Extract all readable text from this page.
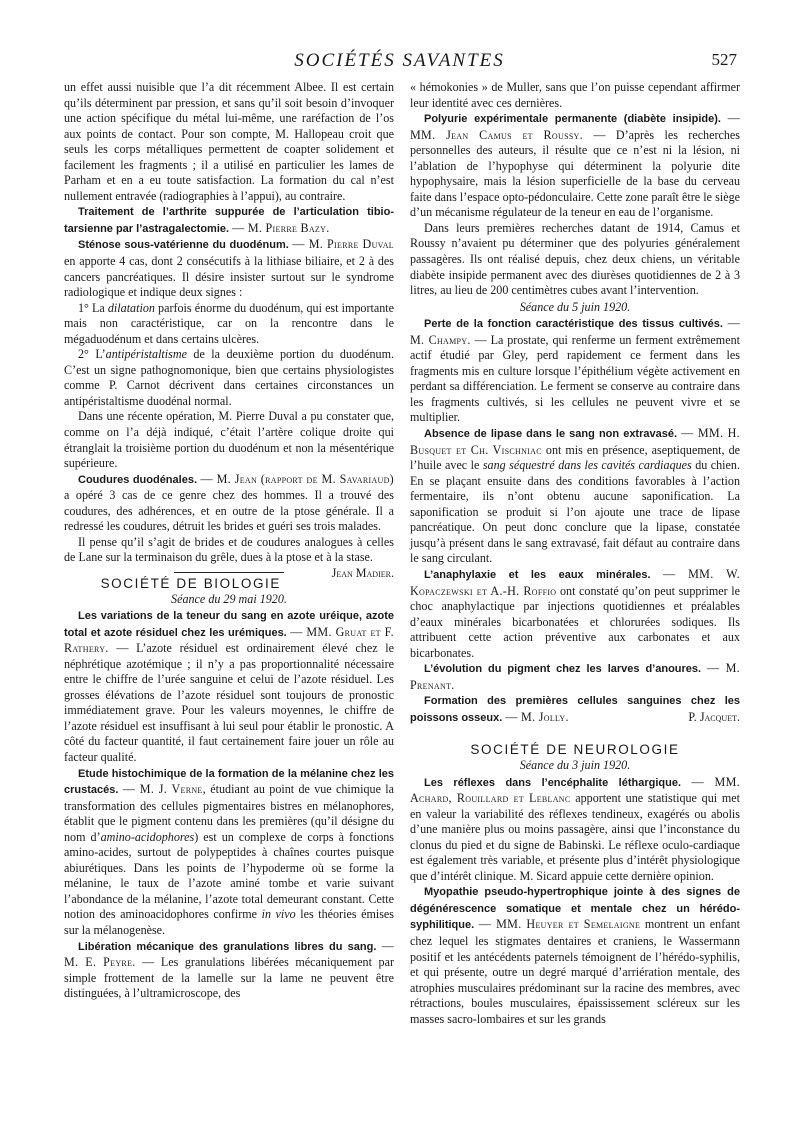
SOCIÉTÉS SAVANTES	527

un effet aussi nuisible que l’a dit récemment Albee. Il est certain qu’ils déterminent par pression, et sans qu’il soit besoin d’invoquer une action spécifique du métal lui-même, une raréfaction de l’os aux points de contact. Pour son compte, M. Hallopeau croit que seuls les corps métalliques permettent de coapter solidement et facilement les fragments ; il a utilisé en particulier les lames de Parham et en a eu toute satisfaction. La formation du cal n’est nullement entravée (radiographies à l’appui), au contraire.

Traitement de l’arthrite suppurée de l’articulation tibio-tarsienne par l’astragalectomie. — M. Pierre Bazy.

Sténose sous-vatérienne du duodénum. — M. Pierre Duval en apporte 4 cas, dont 2 consécutifs à la lithiase biliaire, et 2 à des cancers pancréatiques. Il désire insister surtout sur le syndrome radiologique et indique deux signes :

1° La dilatation parfois énorme du duodénum, qui est importante mais non caractéristique, car on la rencontre dans le mégaduodénum et dans certains ulcères.

2° L’antipéristaltisme de la deuxième portion du duodénum. C’est un signe pathognomonique, bien que certains physiologistes comme P. Carnot décrivent dans certaines circonstances un antipéristaltisme duodénal normal.

Dans une récente opération, M. Pierre Duval a pu constater que, comme on l’a déjà indiqué, c’était l’artère colique droite qui étranglait la troisième portion du duodénum et non la mésentérique supérieure.

Coudures duodénales. — M. Jean (rapport de M. Savariaud) a opéré 3 cas de ce genre chez des hommes. Il a trouvé des coudures, des adhérences, et en outre de la ptose générale. Il a redressé les coudures, détruit les brides et guéri ses trois malades.

Il pense qu’il s’agit de brides et de coudures analogues à celles de Lane sur la terminaison du grêle, dues à la ptose et à la stase.
Jean Madier.

SOCIÉTÉ DE BIOLOGIE
Séance du 29 mai 1920.

Les variations de la teneur du sang en azote uréique, azote total et azote résiduel chez les urémiques. — MM. Gruat et F. Rathery. — L’azote résiduel est ordinairement élevé chez le néphrétique azotémique ; il n’y a pas proportionnalité nécessaire entre le chiffre de l’urée sanguine et celui de l’azote résiduel. Les grosses élévations de l’azote résiduel sont toujours de pronostic immédiatement grave. Pour les valeurs moyennes, le chiffre de l’azote résiduel est insuffisant à lui seul pour établir le pronostic. A côté du facteur quantité, il faut certainement faire jouer un rôle au facteur qualité.

Etude histochimique de la formation de la mélanine chez les crustacés. — M. J. Verne, étudiant au point de vue chimique la transformation des cellules pigmentaires bistres en mélanophores, établit que le pigment contenu dans les premières (qu’il désigne du nom d’amino-acidophores) est un complexe de corps à fonctions amino-acides, surtout de polypeptides à chaînes courtes puisque abiurétiques. Dans les points de l’hypoderme où se forme la mélanine, le taux de l’azote aminé tombe et varie suivant l’abondance de la mélanine, l’azote total demeurant constant. Cette notion des aminoacidophores confirme in vivo les théories émises sur la mélanogenèse.

Libération mécanique des granulations libres du sang. — M. E. Peyre. — Les granulations libérées mécaniquement par simple frottement de la lamelle sur la lame ne peuvent être distinguées, à l’ultramicroscope, des

« hémokonies » de Muller, sans que l’on puisse cependant affirmer leur identité avec ces dernières.

Polyurie expérimentale permanente (diabète insipide). — MM. Jean Camus et Roussy. — D’après les recherches personnelles des auteurs, il résulte que ce n’est ni la lésion, ni l’ablation de l’hypophyse qui déterminent la polyurie dite hypophysaire, mais la lésion superficielle de la base du cerveau faite dans l’espace opto-pédonculaire. Cette zone paraît être le siège d’un mécanisme régulateur de la teneur en eau de l’organisme.

Dans leurs premières recherches datant de 1914, Camus et Roussy n’avaient pu déterminer que des polyuries généralement passagères. Ils ont réalisé depuis, chez deux chiens, un véritable diabète insipide permanent avec des diurèses quotidiennes de 2 à 3 litres, au lieu de 200 centimètres cubes avant l’intervention.

Séance du 5 juin 1920.

Perte de la fonction caractéristique des tissus cultivés. — M. Champy. — La prostate, qui renferme un ferment extrêmement actif étudié par Gley, perd rapidement ce ferment dans les fragments mis en culture lorsque l’épithélium végète activement en perdant sa différenciation. Le ferment se conserve au contraire dans les fragments cultivés, si les cellules ne peuvent vivre et se multiplier.

Absence de lipase dans le sang non extravasé. — MM. H. Busquet et Ch. Vischniac ont mis en présence, aseptiquement, de l’huile avec le sang séquestré dans les cavités cardiaques du chien. En se plaçant ensuite dans des conditions favorables à l’action fermentaire, ils n’ont obtenu aucune saponification. La saponification se produit si l’on ajoute une trace de lipase pancréatique. On peut donc conclure que la lipase, constatée jusqu’à présent dans le sang extravasé, fait défaut au contraire dans le sang circulant.

L’anaphylaxie et les eaux minérales. — MM. W. Kopaczewski et A.-H. Roffio ont constaté qu’on peut supprimer le choc anaphylactique par injections quotidiennes et préalables d’eaux minérales bicarbonatées et chlorurées sodiques. Ils attribuent cette action préventive aux carbonates et aux bicarbonates.

L’évolution du pigment chez les larves d’anoures. — M. Prenant.

Formation des premières cellules sanguines chez les poissons osseux. — M. Jolly.	P. Jacquet.

SOCIÉTÉ DE NEUROLOGIE
Séance du 3 juin 1920.

Les réflexes dans l’encéphalite léthargique. — MM. Achard, Rouillard et Leblanc apportent une statistique qui met en valeur la variabilité des réflexes tendineux, exagérés ou abolis d’une manière plus ou moins passagère, ainsi que l’inconstance du clonus du pied et du signe de Babinski. Le réflexe oculo-cardiaque est également très variable, et présente plus d’intérêt physiologique que d’intérêt clinique. M. Sicard appuie cette dernière opinion.

Myopathie pseudo-hypertrophique jointe à des signes de dégénérescence somatique et mentale chez un hérédo-syphilitique. — MM. Heuyer et Semelaigne montrent un enfant chez lequel les stigmates dentaires et craniens, le Wassermann positif et les antécédents paternels témoignent de l’hérédo-syphilis, et qui présente, outre un degré marqué d’arriération mentale, des atrophies musculaires prédominant sur la racine des membres, avec rétractions, boules musculaires, épaississement scléreux sur les masses sacro-lombaires et sur les grands
